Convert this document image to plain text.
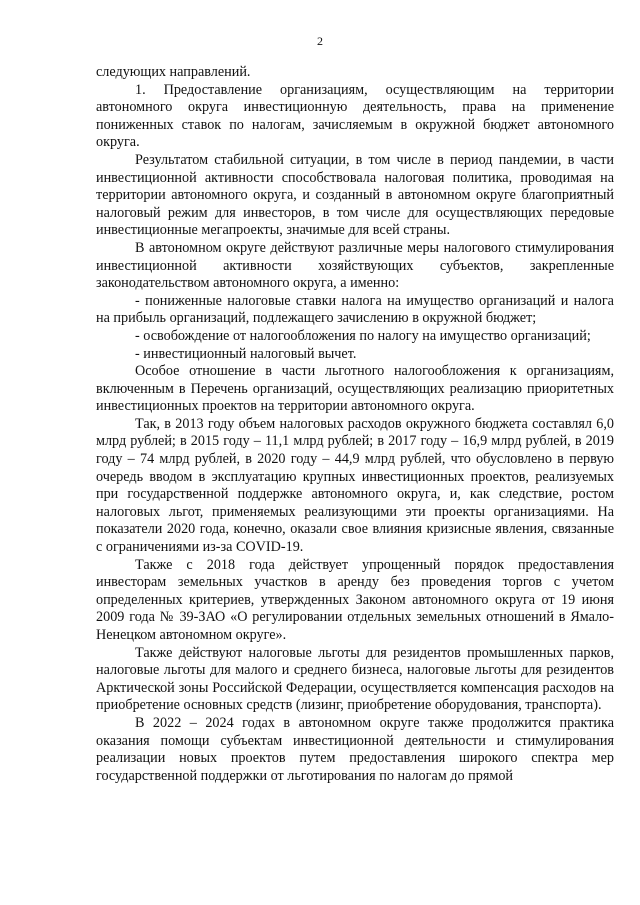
2

следующих направлений.

1. Предоставление организациям, осуществляющим на территории автономного округа инвестиционную деятельность, права на применение пониженных ставок по налогам, зачисляемым в окружной бюджет автономного округа.

Результатом стабильной ситуации, в том числе в период пандемии, в части инвестиционной активности способствовала налоговая политика, проводимая на территории автономного округа, и созданный в автономном округе благоприятный налоговый режим для инвесторов, в том числе для осуществляющих передовые инвестиционные мегапроекты, значимые для всей страны.

В автономном округе действуют различные меры налогового стимулирования инвестиционной активности хозяйствующих субъектов, закрепленные законодательством автономного округа, а именно:

- пониженные налоговые ставки налога на имущество организаций и налога на прибыль организаций, подлежащего зачислению в окружной бюджет;

- освобождение от налогообложения по налогу на имущество организаций;

- инвестиционный налоговый вычет.

Особое отношение в части льготного налогообложения к организациям, включенным в Перечень организаций, осуществляющих реализацию приоритетных инвестиционных проектов на территории автономного округа.

Так, в 2013 году объем налоговых расходов окружного бюджета составлял 6,0 млрд рублей; в 2015 году – 11,1 млрд рублей; в 2017 году – 16,9 млрд рублей, в 2019 году – 74 млрд рублей, в 2020 году – 44,9 млрд рублей, что обусловлено в первую очередь вводом в эксплуатацию крупных инвестиционных проектов, реализуемых при государственной поддержке автономного округа, и, как следствие, ростом налоговых льгот, применяемых реализующими эти проекты организациями. На показатели 2020 года, конечно, оказали свое влияния кризисные явления, связанные с ограничениями из-за COVID-19.

Также с 2018 года действует упрощенный порядок предоставления инвесторам земельных участков в аренду без проведения торгов с учетом определенных критериев, утвержденных Законом автономного округа от 19 июня 2009 года № 39-ЗАО «О регулировании отдельных земельных отношений в Ямало-Ненецком автономном округе».

Также действуют налоговые льготы для резидентов промышленных парков, налоговые льготы для малого и среднего бизнеса, налоговые льготы для резидентов Арктической зоны Российской Федерации, осуществляется компенсация расходов на приобретение основных средств (лизинг, приобретение оборудования, транспорта).

В 2022 – 2024 годах в автономном округе также продолжится практика оказания помощи субъектам инвестиционной деятельности и стимулирования реализации новых проектов путем предоставления широкого спектра мер государственной поддержки от льготирования по налогам до прямой
